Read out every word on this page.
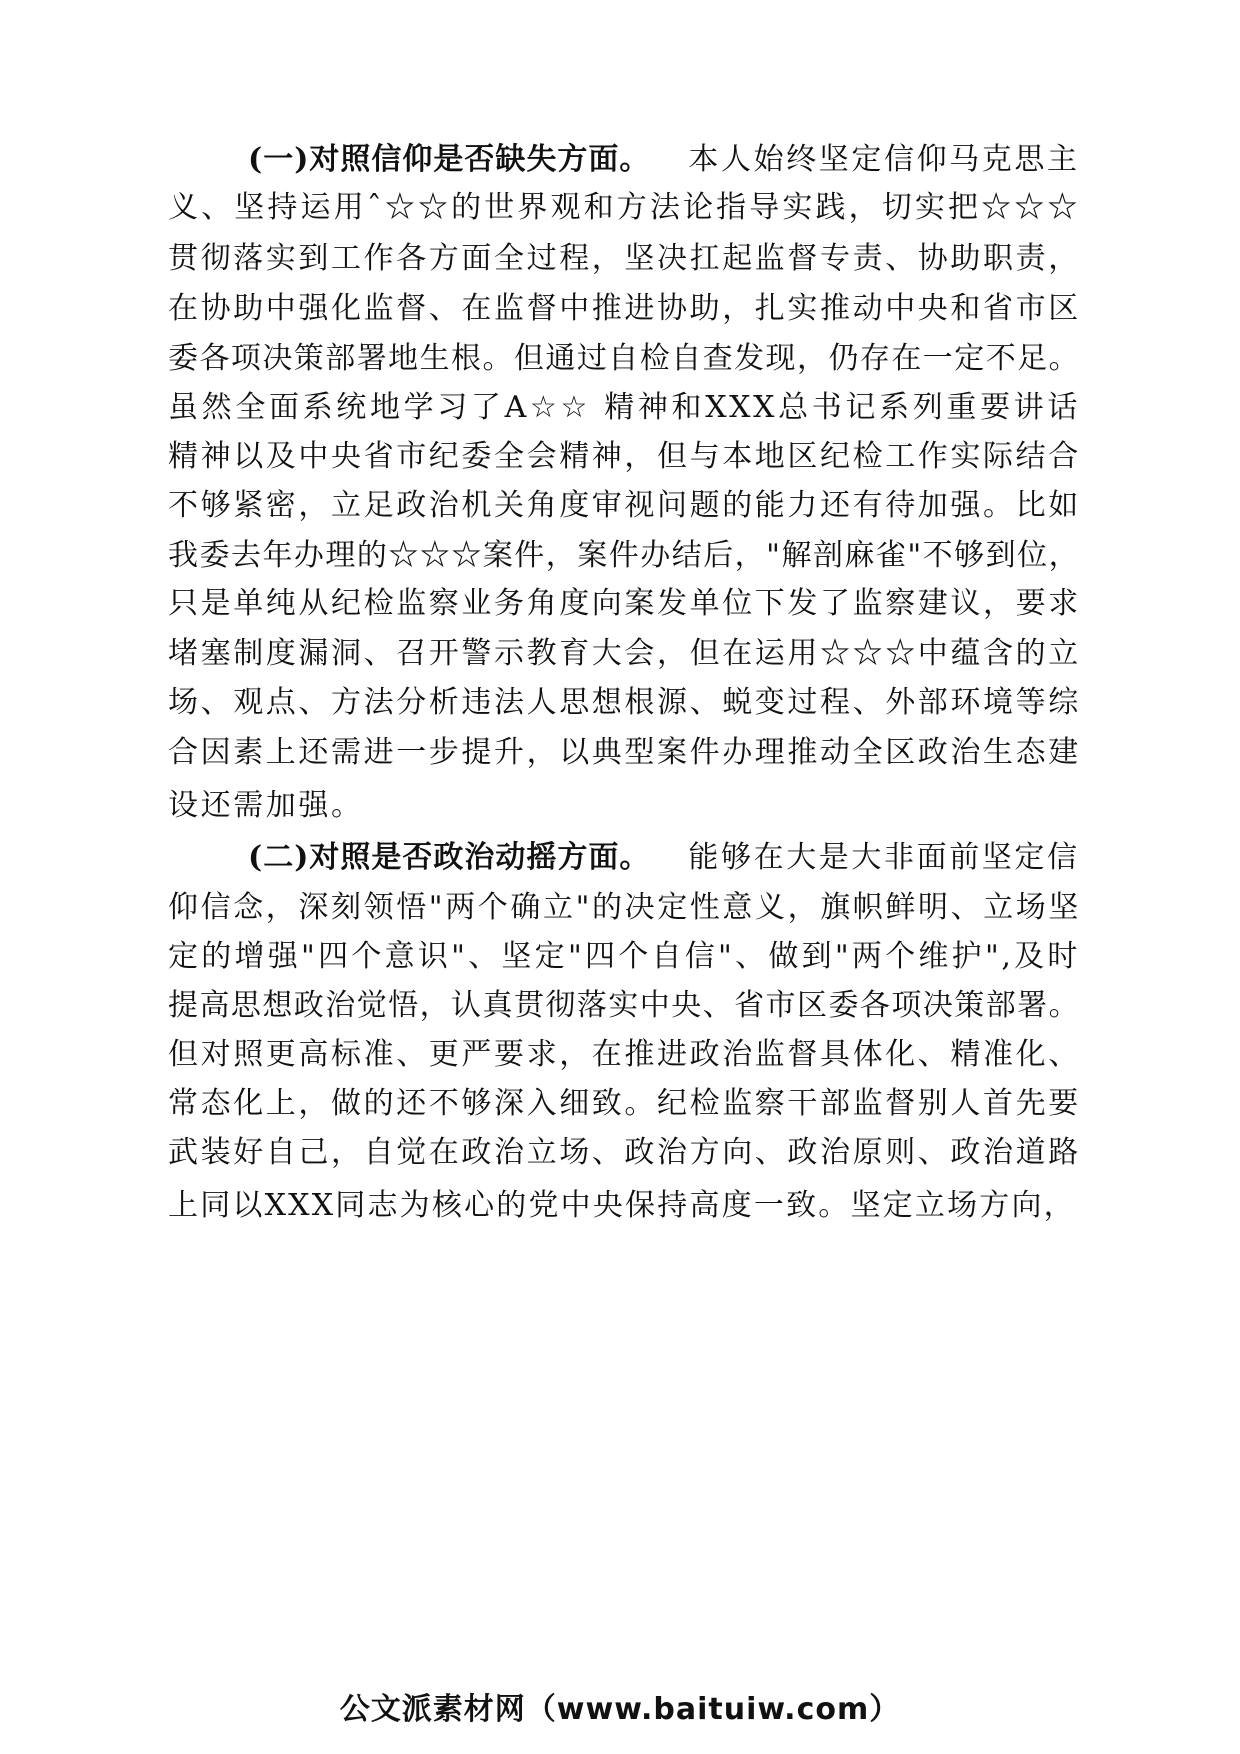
(一)对照信仰是否缺失方面。 本人始终坚定信仰马克思主
义、坚持运用ˆ☆☆的世界观和方法论指导实践，切实把☆☆☆
贯彻落实到工作各方面全过程，坚决扛起监督专责、协助职责，
在协助中强化监督、在监督中推进协助，扎实推动中央和省市区
委各项决策部署地生根。但通过自检自查发现，仍存在一定不足。
虽然全面系统地学习了A☆☆ 精神和XXX总书记系列重要讲话
精神以及中央省市纪委全会精神，但与本地区纪检工作实际结合
不够紧密，立足政治机关角度审视问题的能力还有待加强。比如
我委去年办理的☆☆☆案件，案件办结后，"解剖麻雀"不够到位，
只是单纯从纪检监察业务角度向案发单位下发了监察建议，要求
堵塞制度漏洞、召开警示教育大会，但在运用☆☆☆中蕴含的立
场、观点、方法分析违法人思想根源、蜕变过程、外部环境等综
合因素上还需进一步提升，以典型案件办理推动全区政治生态建
设还需加强。
(二)对照是否政治动摇方面。 能够在大是大非面前坚定信
仰信念，深刻领悟"两个确立"的决定性意义，旗帜鲜明、立场坚
定的增强"四个意识"、坚定"四个自信"、做到"两个维护",及时
提高思想政治觉悟，认真贯彻落实中央、省市区委各项决策部署。
但对照更高标准、更严要求，在推进政治监督具体化、精准化、
常态化上，做的还不够深入细致。纪检监察干部监督别人首先要
武装好自己，自觉在政治立场、政治方向、政治原则、政治道路
上同以XXX同志为核心的党中央保持高度一致。坚定立场方向，
公文派素材网（www.baituiw.com）
